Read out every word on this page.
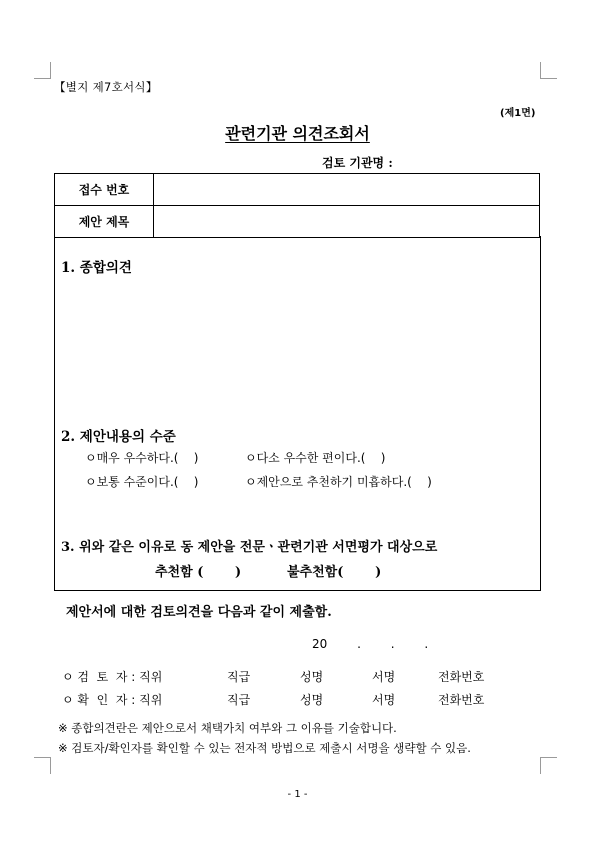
【별지 제7호서식】
(제1면)
관련기관 의견조회서
검토 기관명 :
접수 번호	
제안 제목	
1. 종합의견
2. 제안내용의 수준
ㅇ매우 우수하다.(    )	ㅇ다소 우수한 편이다.(    )
ㅇ보통 수준이다.(    )	ㅇ제안으로 추천하기 미흡하다.(    )
3. 위와 같은 이유로 동 제안을 전문ㆍ관련기관 서면평가 대상으로
추천함 (       )	불추천함(       )
제안서에 대한 검토의견을 다음과 같이 제출함.
20 . . .
ㅇ 검  토  자 : 직위	직급	성명	서명	전화번호
ㅇ 확  인  자 : 직위	직급	성명	서명	전화번호
※ 종합의견란은 제안으로서 채택가치 여부와 그 이유를 기술합니다.
※ 검토자/확인자를 확인할 수 있는 전자적 방법으로 제출시 서명을 생략할 수 있음.
- 1 -
